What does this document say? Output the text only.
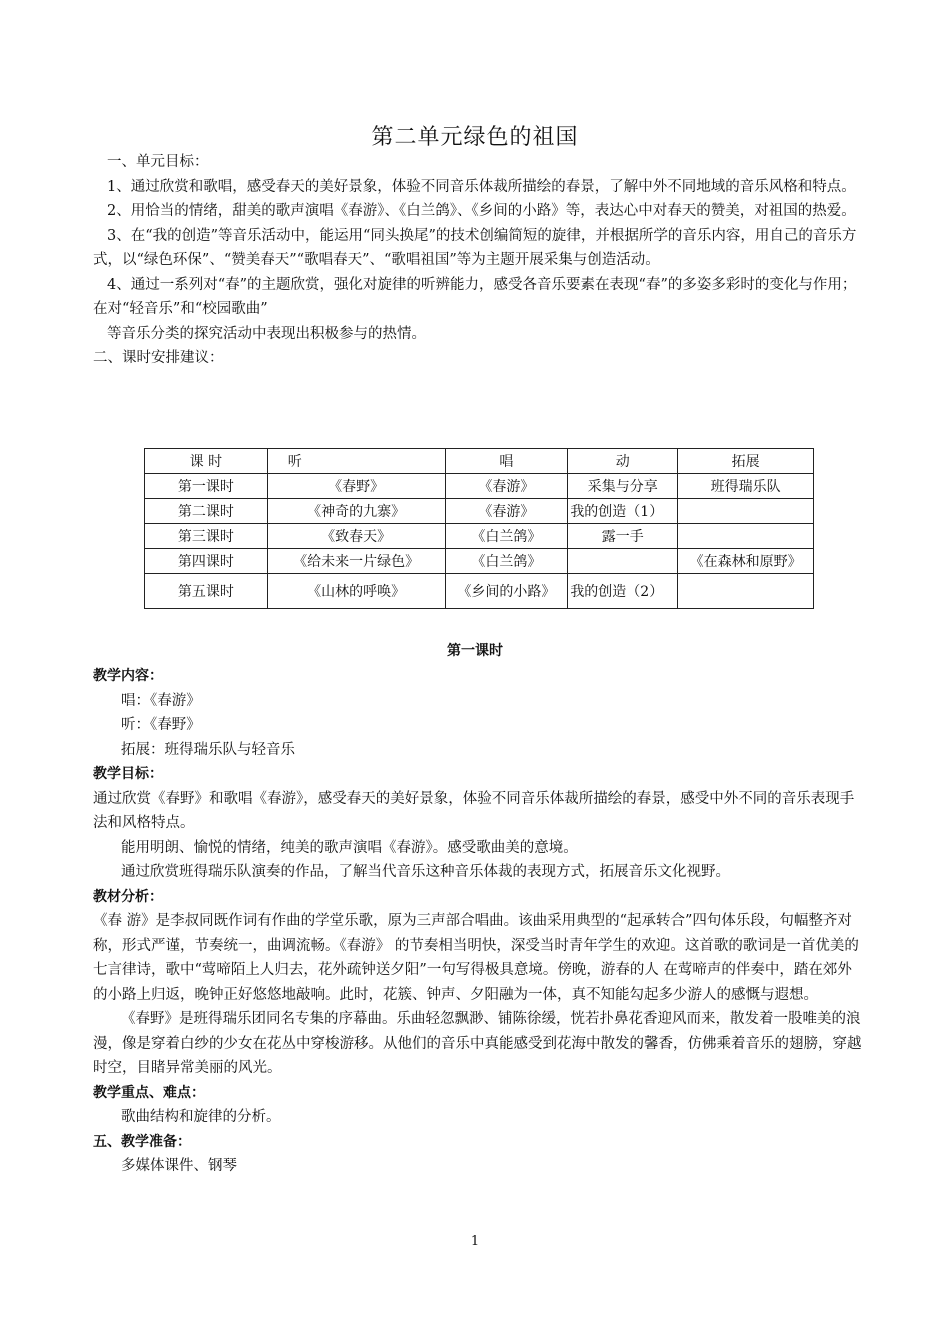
第二单元绿色的祖国

一、单元目标：

1、通过欣赏和歌唱，感受春天的美好景象，体验不同音乐体裁所描绘的春景，了解中外不同地域的音乐风格和特点。

2、用恰当的情绪，甜美的歌声演唱《春游》、《白兰鸽》、《乡间的小路》等，表达心中对春天的赞美，对祖国的热爱。

3、在“我的创造”等音乐活动中，能运用“同头换尾”的技术创编简短的旋律，并根据所学的音乐内容，用自己的音乐方式，以“绿色环保”、“赞美春天”“歌唱春天”、“歌唱祖国”等为主题开展采集与创造活动。

4、通过一系列对“春”的主题欣赏，强化对旋律的听辨能力，感受各音乐要素在表现“春”的多姿多彩时的变化与作用；在对“轻音乐”和“校园歌曲”

等音乐分类的探究活动中表现出积极参与的热情。

二、课时安排建议：

课 时	听	唱	动	拓展
第一课时	《春野》	《春游》	采集与分享	班得瑞乐队
第二课时	《神奇的九寨》	《春游》	我的创造（1）	
第三课时	《致春天》	《白兰鸽》	露一手	
第四课时	《给未来一片绿色》	《白兰鸽》		《在森林和原野》
第五课时	《山林的呼唤》	《乡间的小路》	我的创造（2）	
第一课时

教学内容：

唱：《春游》

听：《春野》

拓展：班得瑞乐队与轻音乐

教学目标：

通过欣赏《春野》和歌唱《春游》，感受春天的美好景象，体验不同音乐体裁所描绘的春景，感受中外不同的音乐表现手法和风格特点。

能用明朗、愉悦的情绪，纯美的歌声演唱《春游》。感受歌曲美的意境。

通过欣赏班得瑞乐队演奏的作品，了解当代音乐这种音乐体裁的表现方式，拓展音乐文化视野。

教材分析：

《春 游》是李叔同既作词有作曲的学堂乐歌，原为三声部合唱曲。该曲采用典型的“起承转合”四句体乐段，句幅整齐对称，形式严谨，节奏统一，曲调流畅。《春游》 的节奏相当明快，深受当时青年学生的欢迎。这首歌的歌词是一首优美的七言律诗，歌中“莺啼陌上人归去，花外疏钟送夕阳”一句写得极具意境。傍晚，游春的人 在莺啼声的伴奏中，踏在郊外的小路上归返，晚钟正好悠悠地敲响。此时，花簇、钟声、夕阳融为一体，真不知能勾起多少游人的感慨与遐想。

《春野》是班得瑞乐团同名专集的序幕曲。乐曲轻忽飘渺、铺陈徐缓，恍若扑鼻花香迎风而来，散发着一股唯美的浪漫，像是穿着白纱的少女在花丛中穿梭游移。从他们的音乐中真能感受到花海中散发的馨香，仿佛乘着音乐的翅膀，穿越时空，目睹异常美丽的风光。

教学重点、难点：

歌曲结构和旋律的分析。

五、教学准备：

多媒体课件、钢琴

1
